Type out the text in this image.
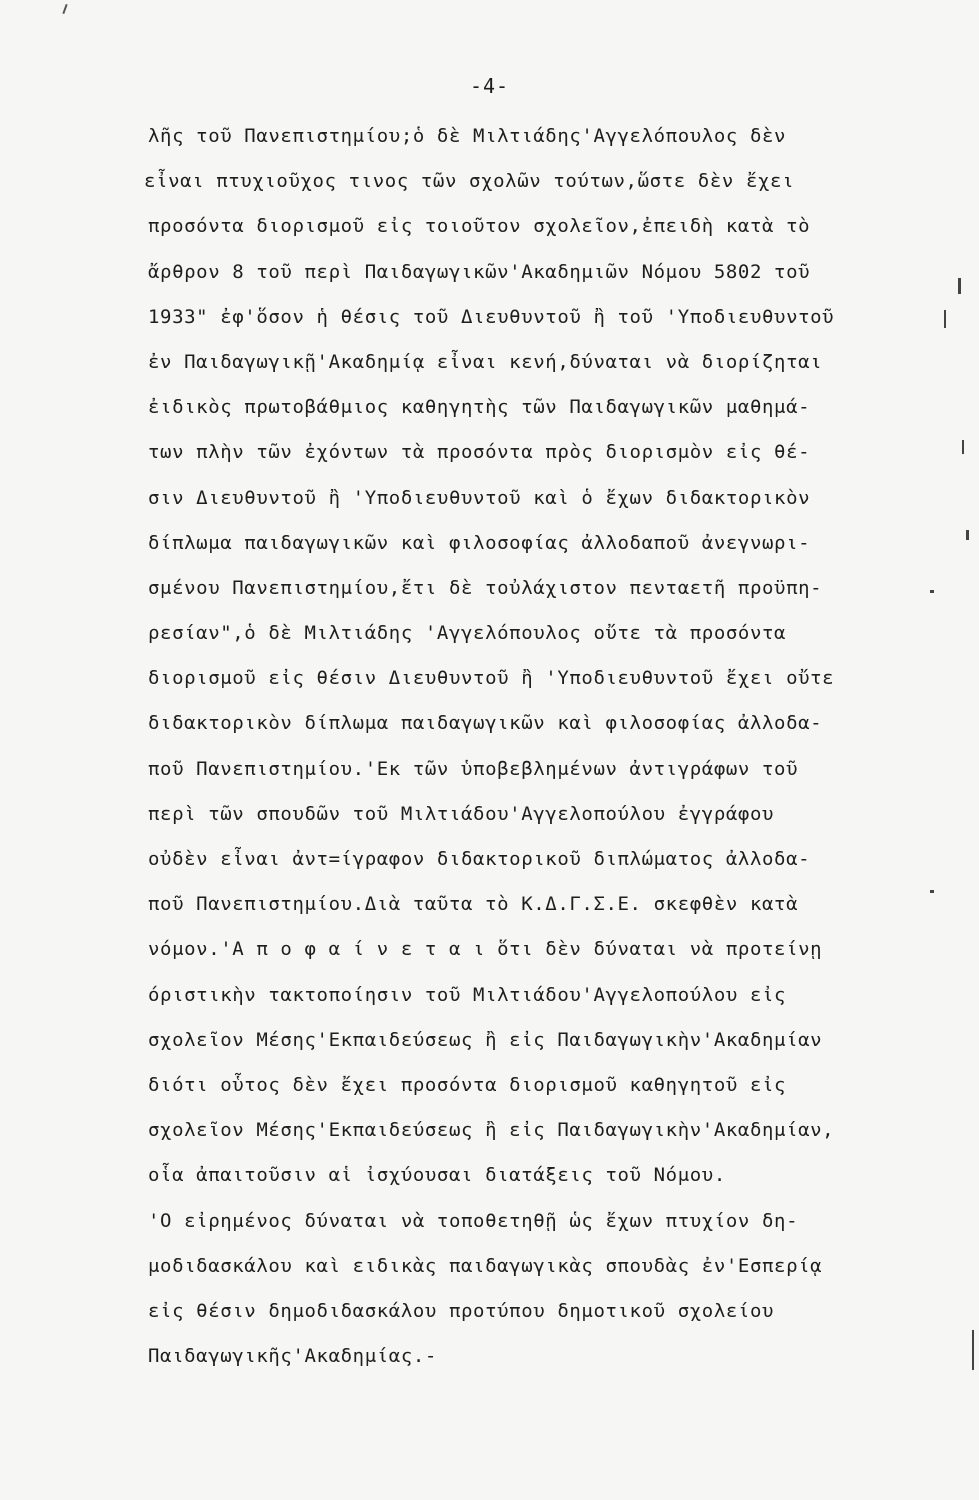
-4-
λῆς τοῦ Πανεπιστημίου;ὁ δὲ Μιλτιάδης'Αγγελόπουλος δὲν
εἶναι πτυχιοῦχος τινος τῶν σχολῶν τούτων,ὥστε δὲν ἔχει
προσόντα διορισμοῦ εἰς τοιοῦτον σχολεῖον,ἐπειδὴ κατὰ τὸ
ἄρθρον 8 τοῦ περὶ Παιδαγωγικῶν'Ακαδημιῶν Νόμου 5802 τοῦ
1933" ἐφ'ὅσον ἡ θέσις τοῦ Διευθυντοῦ ἢ τοῦ 'Υποδιευθυντοῦ
ἐν Παιδαγωγικῇ'Ακαδημίᾳ εἶναι κενή,δύναται νὰ διορίζηται
ἐιδικὸς πρωτοβάθμιος καθηγητὴς τῶν Παιδαγωγικῶν μαθημά-
των πλὴν τῶν ἐχόντων τὰ προσόντα πρὸς διορισμὸν εἰς θέ-
σιν Διευθυντοῦ ἢ 'Υποδιευθυντοῦ καὶ ὁ ἔχων διδακτορικὸν
δίπλωμα παιδαγωγικῶν καὶ φιλοσοφίας ἀλλοδαποῦ ἀνεγνωρι-
σμένου Πανεπιστημίου,ἔτι δὲ τοὐλάχιστον πενταετῆ προϋπη-
ρεσίαν",ὁ δὲ Μιλτιάδης 'Αγγελόπουλος οὔτε τὰ προσόντα
διορισμοῦ εἰς θέσιν Διευθυντοῦ ἢ 'Υποδιευθυντοῦ ἔχει οὔτε
διδακτορικὸν δίπλωμα παιδαγωγικῶν καὶ φιλοσοφίας ἀλλοδα-
ποῦ Πανεπιστημίου.'Εκ τῶν ὑποβεβλημένων ἀντιγράφων τοῦ
περὶ τῶν σπουδῶν τοῦ Μιλτιάδου'Αγγελοπούλου ἐγγράφου
οὐδὲν εἶναι ἀντ=ίγραφον διδακτορικοῦ διπλώματος ἀλλοδα-
ποῦ Πανεπιστημίου.Διὰ ταῦτα τὸ Κ.Δ.Γ.Σ.Ε. σκεφθὲν κατὰ
νόμον.'Α π ο φ α ί ν ε τ α ι ὅτι δὲν δύναται νὰ προτείνῃ
όριστικὴν τακτοποίησιν τοῦ Μιλτιάδου'Αγγελοπούλου εἰς
σχολεῖον Μέσης'Εκπαιδεύσεως ἢ εἰς Παιδαγωγικὴν'Ακαδημίαν
διότι οὗτος δὲν ἔχει προσόντα διορισμοῦ καθηγητοῦ εἰς
σχολεῖον Μέσης'Εκπαιδεύσεως ἢ εἰς Παιδαγωγικὴν'Ακαδημίαν,
οἷα ἀπαιτοῦσιν αἱ ἰσχύουσαι διατάξεις τοῦ Νόμου.
'Ο εἰρημένος δύναται νὰ τοποθετηθῇ ὡς ἔχων πτυχίον δη-
μοδιδασκάλου καὶ ειδικὰς παιδαγωγικὰς σπουδὰς ἐν'Εσπερίᾳ
εἰς θέσιν δημοδιδασκάλου προτύπου δημοτικοῦ σχολείου
Παιδαγωγικῆς'Ακαδημίας.-
